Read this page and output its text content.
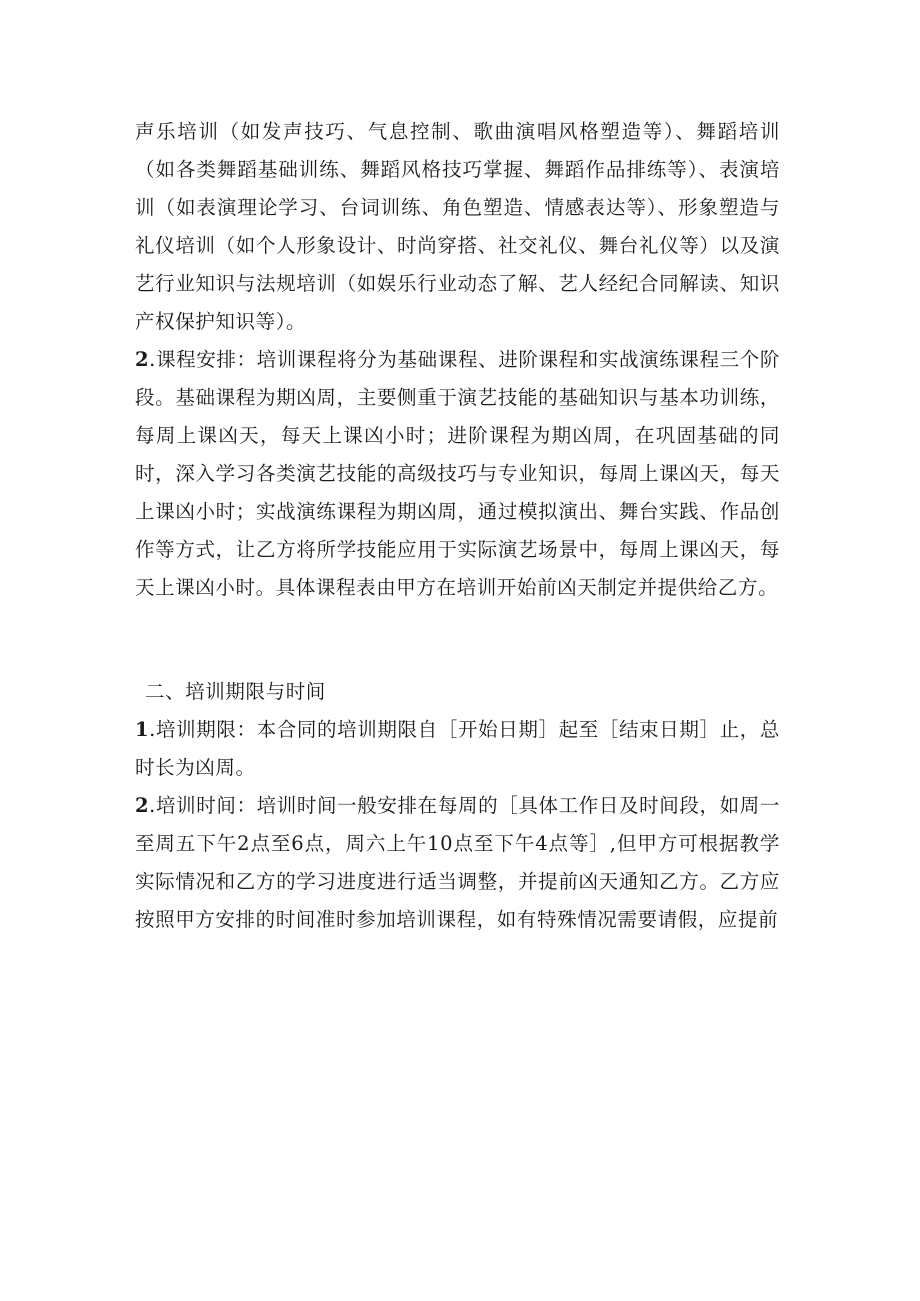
声乐培训（如发声技巧、气息控制、歌曲演唱风格塑造等）、舞蹈培训（如各类舞蹈基础训练、舞蹈风格技巧掌握、舞蹈作品排练等）、表演培训（如表演理论学习、台词训练、角色塑造、情感表达等）、形象塑造与礼仪培训（如个人形象设计、时尚穿搭、社交礼仪、舞台礼仪等）以及演艺行业知识与法规培训（如娱乐行业动态了解、艺人经纪合同解读、知识产权保护知识等）。

2.课程安排：培训课程将分为基础课程、进阶课程和实战演练课程三个阶段。基础课程为期凶周，主要侧重于演艺技能的基础知识与基本功训练，每周上课凶天，每天上课凶小时；进阶课程为期凶周，在巩固基础的同时，深入学习各类演艺技能的高级技巧与专业知识，每周上课凶天，每天上课凶小时；实战演练课程为期凶周，通过模拟演出、舞台实践、作品创作等方式，让乙方将所学技能应用于实际演艺场景中，每周上课凶天，每天上课凶小时。具体课程表由甲方在培训开始前凶天制定并提供给乙方。

二、培训期限与时间

1.培训期限：本合同的培训期限自［开始日期］起至［结束日期］止，总时长为凶周。

2.培训时间：培训时间一般安排在每周的［具体工作日及时间段，如周一至周五下午2点至6点，周六上午10点至下午4点等］,但甲方可根据教学实际情况和乙方的学习进度进行适当调整，并提前凶天通知乙方。乙方应按照甲方安排的时间准时参加培训课程，如有特殊情况需要请假，应提前
